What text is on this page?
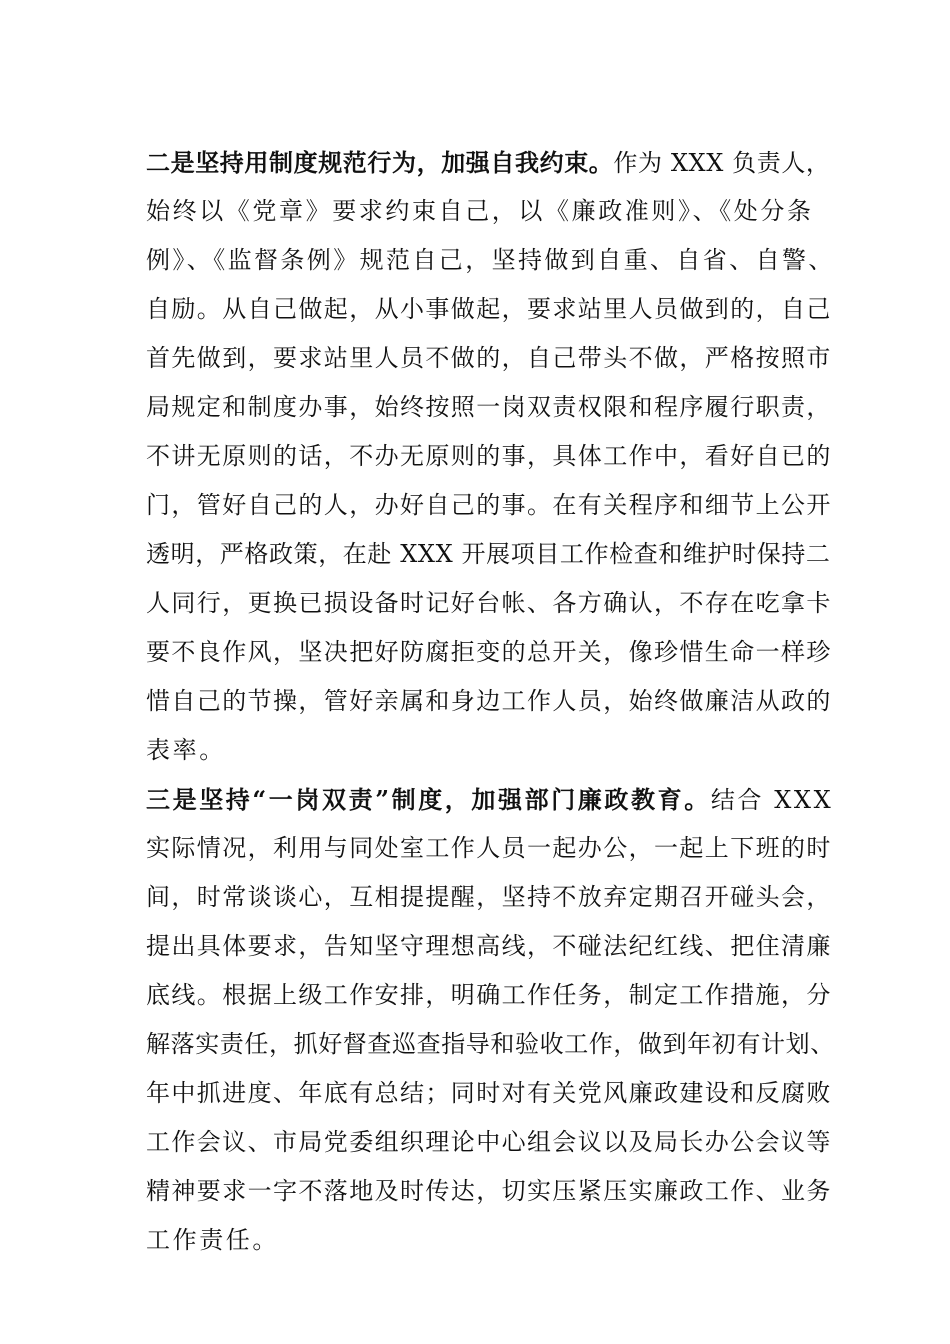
二是坚持用制度规范行为，加强自我约束。作为 XXX 负责人，
始终以《党章》要求约束自己，以《廉政准则》、《处分条
例》、《监督条例》规范自己，坚持做到自重、自省、自警、
自励。从自己做起，从小事做起，要求站里人员做到的，自己
首先做到，要求站里人员不做的，自己带头不做，严格按照市
局规定和制度办事，始终按照一岗双责权限和程序履行职责，
不讲无原则的话，不办无原则的事，具体工作中，看好自已的
门，管好自己的人，办好自己的事。在有关程序和细节上公开
透明，严格政策，在赴 XXX 开展项目工作检查和维护时保持二
人同行，更换已损设备时记好台帐、各方确认，不存在吃拿卡
要不良作风，坚决把好防腐拒变的总开关，像珍惜生命一样珍
惜自己的节操，管好亲属和身边工作人员，始终做廉洁从政的
表率。

三是坚持“一岗双责”制度，加强部门廉政教育。结合 XXX
实际情况，利用与同处室工作人员一起办公，一起上下班的时
间，时常谈谈心，互相提提醒，坚持不放弃定期召开碰头会，
提出具体要求，告知坚守理想高线，不碰法纪红线、把住清廉
底线。根据上级工作安排，明确工作任务，制定工作措施，分
解落实责任，抓好督查巡查指导和验收工作，做到年初有计划、
年中抓进度、年底有总结；同时对有关党风廉政建设和反腐败
工作会议、市局党委组织理论中心组会议以及局长办公会议等
精神要求一字不落地及时传达，切实压紧压实廉政工作、业务
工作责任。
